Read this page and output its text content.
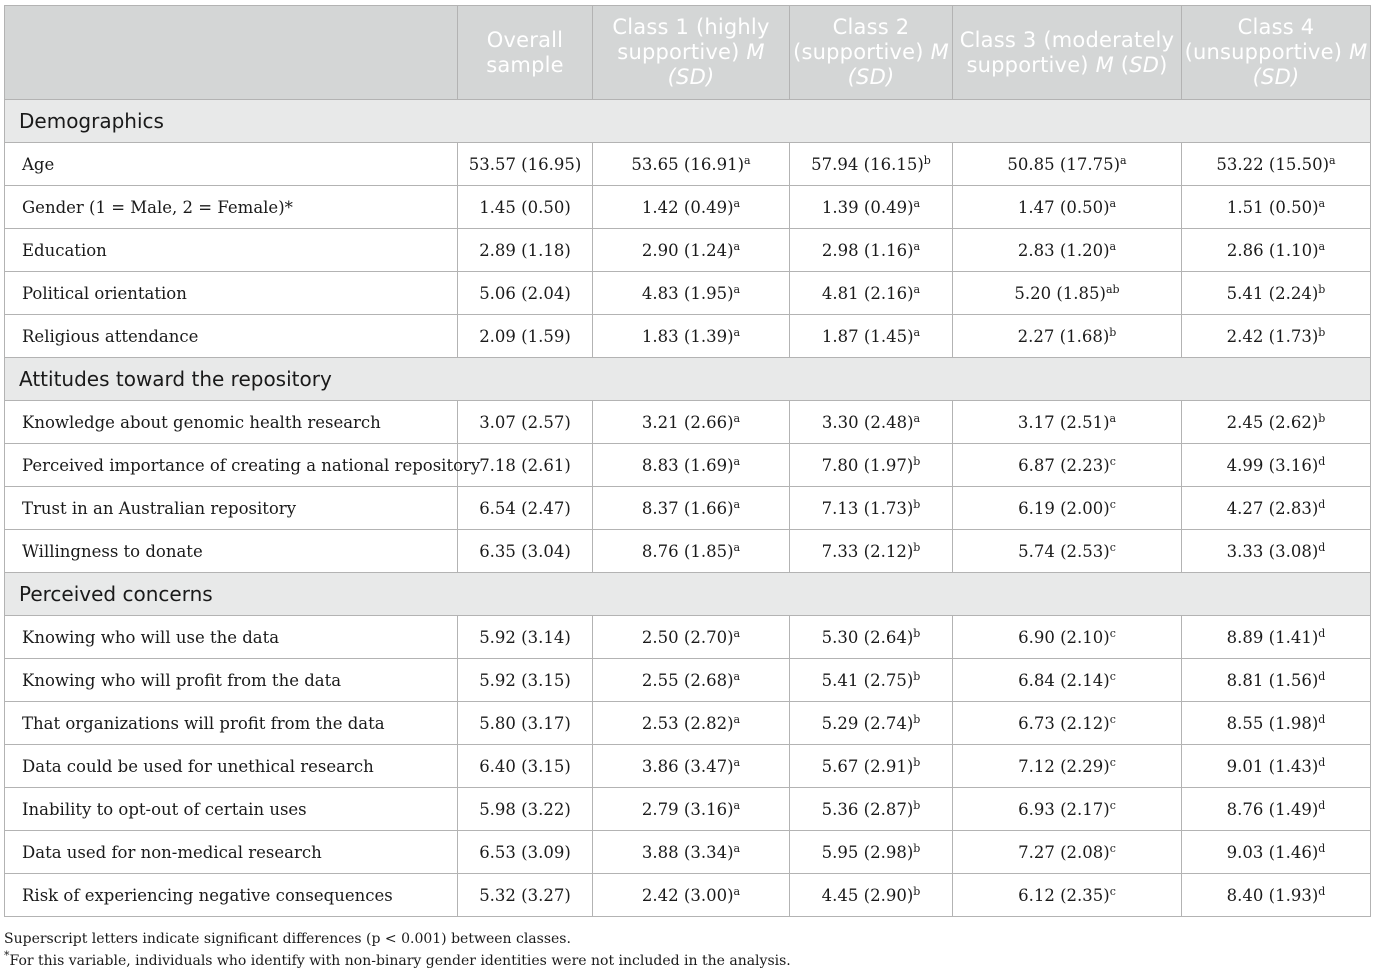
	Overall sample	Class 1 (highly supportive) M (SD)	Class 2 (supportive) M (SD)	Class 3 (moderately supportive) M (SD)	Class 4 (unsupportive) M (SD)
Demographics					
Age	53.57 (16.95)	53.65 $(16.91)^a$	57.94 $(16.15)^b$	50.85 $(17.75)^a$	53.22 $(15.50)^a$
Gender (1 = Male, 2 = Female)*	1.45 (0.50)	1.42 $(0.49)^a$	1.39 $(0.49)^a$	1.47 $(0.50)^a$	1.51 $(0.50)^a$
Education	2.89 (1.18)	2.90 $(1.24)^a$	2.98 $(1.16)^a$	2.83 $(1.20)^a$	2.86 $(1.10)^a$
Political orientation	5.06 (2.04)	4.83 $(1.95)^a$	4.81 $(2.16)^a$	5.20 $(1.85)^{ab}$	5.41 $(2.24)^b$
Religious attendance	2.09 (1.59)	1.83 $(1.39)^a$	1.87 $(1.45)^a$	2.27 $(1.68)^b$	2.42 $(1.73)^b$
Attitudes toward the repository					
Knowledge about genomic health research	3.07 (2.57)	3.21 $(2.66)^a$	3.30 $(2.48)^a$	3.17 $(2.51)^a$	2.45 $(2.62)^b$
Perceived importance of creating a national repository	7.18 (2.61)	8.83 $(1.69)^a$	7.80 $(1.97)^b$	6.87 $(2.23)^c$	4.99 $(3.16)^d$
Trust in an Australian repository	6.54 (2.47)	8.37 $(1.66)^a$	7.13 $(1.73)^b$	6.19 $(2.00)^c$	4.27 $(2.83)^d$
Willingness to donate	6.35 (3.04)	8.76 $(1.85)^a$	7.33 $(2.12)^b$	5.74 $(2.53)^c$	3.33 $(3.08)^d$
Perceived concerns					
Knowing who will use the data	5.92 (3.14)	2.50 $(2.70)^a$	5.30 $(2.64)^b$	6.90 $(2.10)^c$	8.89 $(1.41)^d$
Knowing who will profit from the data	5.92 (3.15)	2.55 $(2.68)^a$	5.41 $(2.75)^b$	6.84 $(2.14)^c$	8.81 $(1.56)^d$
That organizations will profit from the data	5.80 (3.17)	2.53 $(2.82)^a$	5.29 $(2.74)^b$	6.73 $(2.12)^c$	8.55 $(1.98)^d$
Data could be used for unethical research	6.40 (3.15)	3.86 $(3.47)^a$	5.67 $(2.91)^b$	7.12 $(2.29)^c$	9.01 $(1.43)^d$
Inability to opt-out of certain uses	5.98 (3.22)	2.79 $(3.16)^a$	5.36 $(2.87)^b$	6.93 $(2.17)^c$	8.76 $(1.49)^d$
Data used for non-medical research	6.53 (3.09)	3.88 $(3.34)^a$	5.95 $(2.98)^b$	7.27 $(2.08)^c$	9.03 $(1.46)^d$
Risk of experiencing negative consequences	5.32 (3.27)	2.42 $(3.00)^a$	4.45 $(2.90)^b$	6.12 $(2.35)^c$	8.40 $(1.93)^d$
Superscript letters indicate significant differences (p < 0.001) between classes.
*For this variable, individuals who identify with non-binary gender identities were not included in the analysis.
